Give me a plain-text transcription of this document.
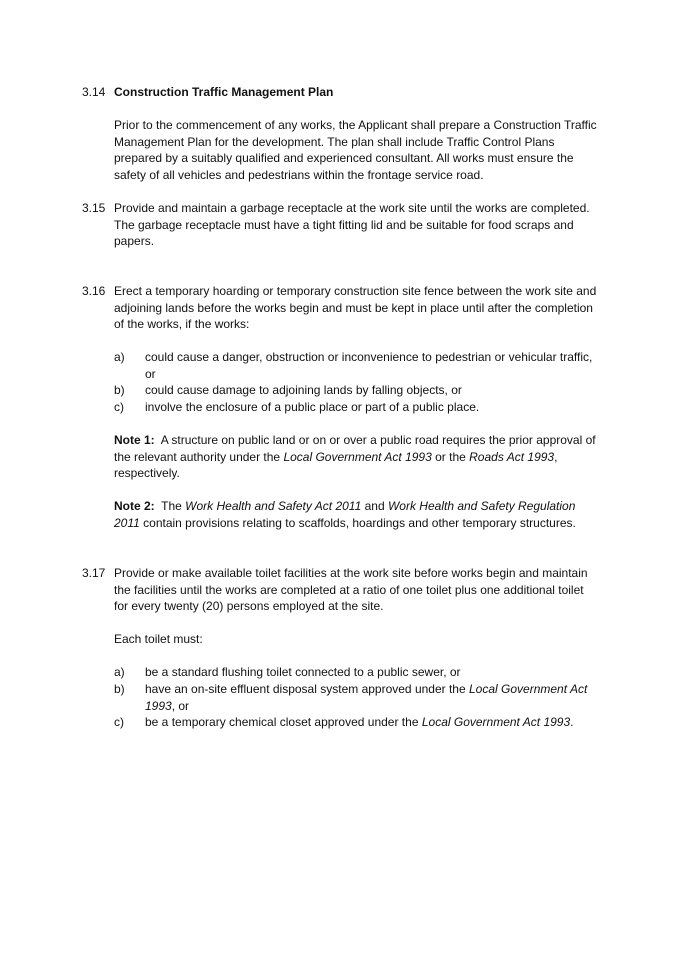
3.14 Construction Traffic Management Plan

Prior to the commencement of any works, the Applicant shall prepare a Construction Traffic Management Plan for the development. The plan shall include Traffic Control Plans prepared by a suitably qualified and experienced consultant. All works must ensure the safety of all vehicles and pedestrians within the frontage service road.

3.15 Provide and maintain a garbage receptacle at the work site until the works are completed. The garbage receptacle must have a tight fitting lid and be suitable for food scraps and papers.

3.16 Erect a temporary hoarding or temporary construction site fence between the work site and adjoining lands before the works begin and must be kept in place until after the completion of the works, if the works:

a) could cause a danger, obstruction or inconvenience to pedestrian or vehicular traffic, or
b) could cause damage to adjoining lands by falling objects, or
c) involve the enclosure of a public place or part of a public place.

Note 1: A structure on public land or on or over a public road requires the prior approval of the relevant authority under the Local Government Act 1993 or the Roads Act 1993, respectively.

Note 2: The Work Health and Safety Act 2011 and Work Health and Safety Regulation 2011 contain provisions relating to scaffolds, hoardings and other temporary structures.

3.17 Provide or make available toilet facilities at the work site before works begin and maintain the facilities until the works are completed at a ratio of one toilet plus one additional toilet for every twenty (20) persons employed at the site.

Each toilet must:

a) be a standard flushing toilet connected to a public sewer, or
b) have an on-site effluent disposal system approved under the Local Government Act 1993, or
c) be a temporary chemical closet approved under the Local Government Act 1993.
